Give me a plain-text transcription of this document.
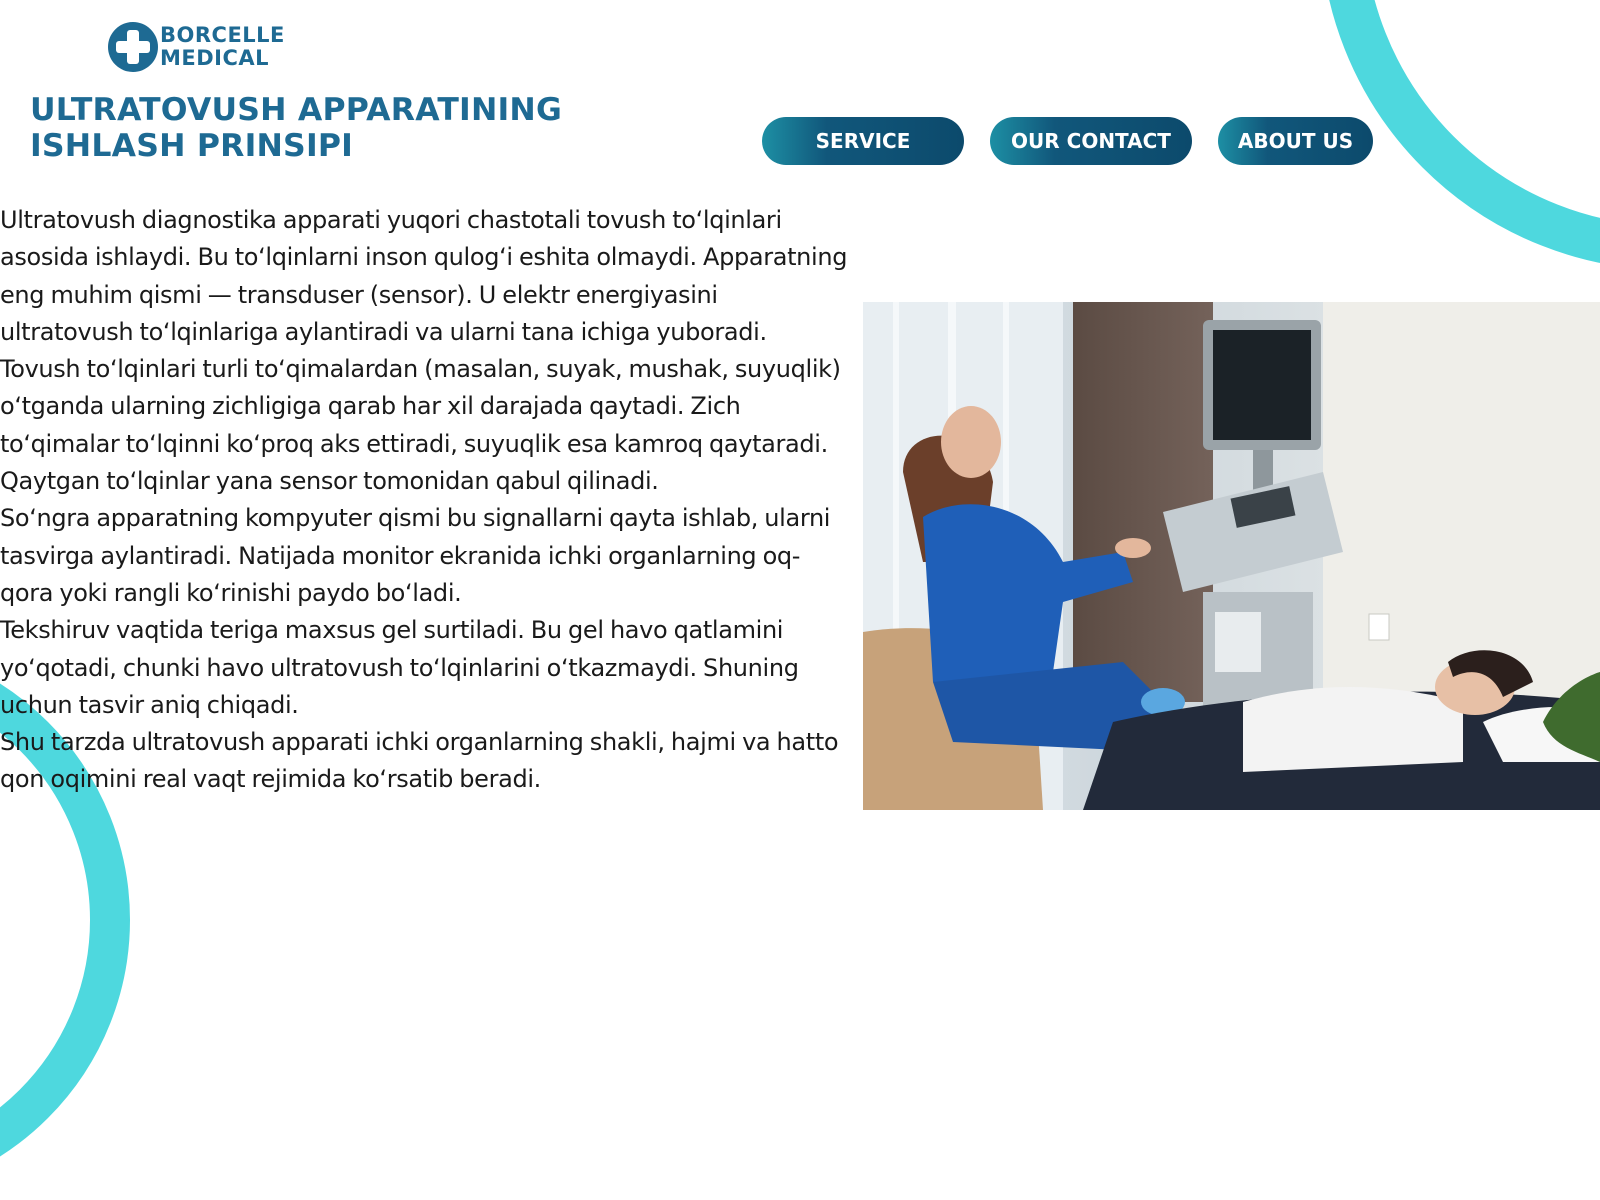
BORCELLE
MEDICAL
ULTRATOVUSH APPARATINING
ISHLASH PRINSIPI	SERVICE	OUR CONTACT	ABOUT US

Ultratovush diagnostika apparati yuqori chastotali tovush to‘lqinlari asosida ishlaydi. Bu to‘lqinlarni inson qulog‘i eshita olmaydi. Apparatning eng muhim qismi — transduser (sensor). U elektr energiyasini ultratovush to‘lqinlariga aylantiradi va ularni tana ichiga yuboradi.

Tovush to‘lqinlari turli to‘qimalardan (masalan, suyak, mushak, suyuqlik) o‘tganda ularning zichligiga qarab har xil darajada qaytadi. Zich to‘qimalar to‘lqinni ko‘proq aks ettiradi, suyuqlik esa kamroq qaytaradi. Qaytgan to‘lqinlar yana sensor tomonidan qabul qilinadi.

So‘ngra apparatning kompyuter qismi bu signallarni qayta ishlab, ularni tasvirga aylantiradi. Natijada monitor ekranida ichki organlarning oq-qora yoki rangli ko‘rinishi paydo bo‘ladi.

Tekshiruv vaqtida teriga maxsus gel surtiladi. Bu gel havo qatlamini yo‘qotadi, chunki havo ultratovush to‘lqinlarini o‘tkazmaydi. Shuning uchun tasvir aniq chiqadi.

Shu tarzda ultratovush apparati ichki organlarning shakli, hajmi va hatto qon oqimini real vaqt rejimida ko‘rsatib beradi.
